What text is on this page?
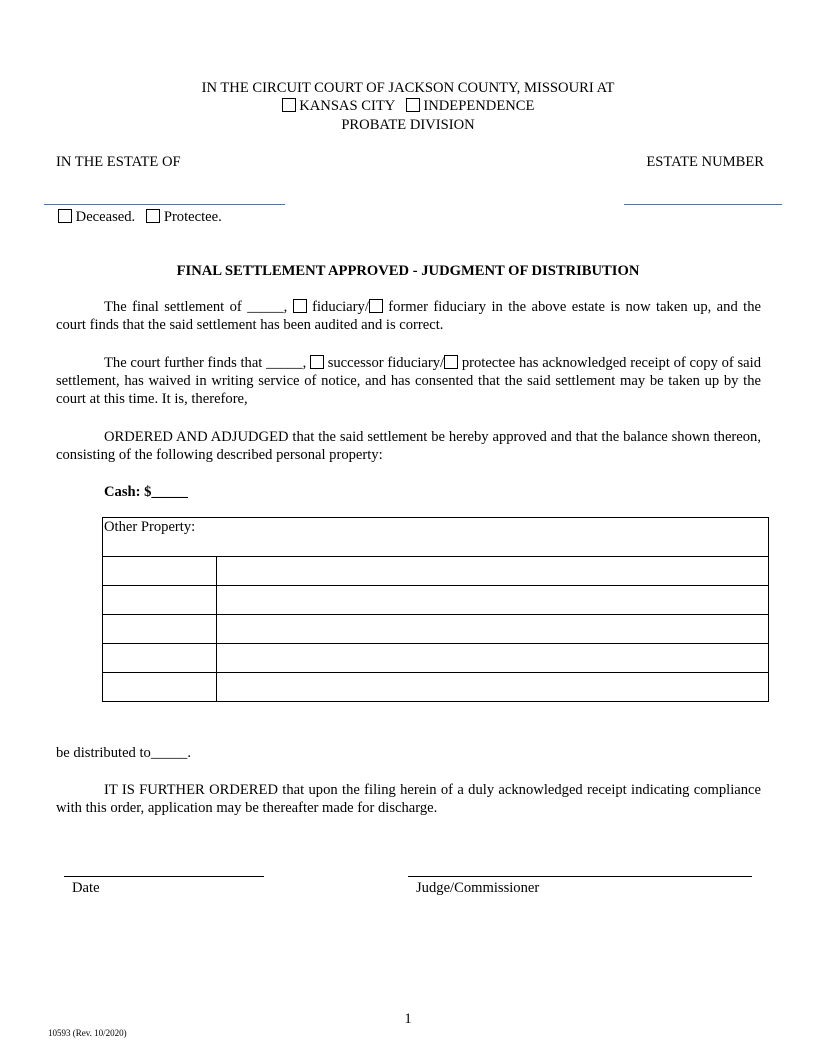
IN THE CIRCUIT COURT OF JACKSON COUNTY, MISSOURI AT
KANSAS CITY INDEPENDENCE
PROBATE DIVISION
IN THE ESTATE OF	ESTATE NUMBER
Deceased. Protectee.
FINAL SETTLEMENT APPROVED - JUDGMENT OF DISTRIBUTION
The final settlement of _____, fiduciary/ former fiduciary in the above estate is now taken up, and the court finds that the said settlement has been audited and is correct.
The court further finds that _____, successor fiduciary/ protectee has acknowledged receipt of copy of said settlement, has waived in writing service of notice, and has consented that the said settlement may be taken up by the court at this time. It is, therefore,
ORDERED AND ADJUDGED that the said settlement be hereby approved and that the balance shown thereon, consisting of the following described personal property:
Cash: $_____
Other Property:	

be distributed to_____.
IT IS FURTHER ORDERED that upon the filing herein of a duly acknowledged receipt indicating compliance with this order, application may be thereafter made for discharge.
Date	Judge/Commissioner
1
10593 (Rev. 10/2020)
